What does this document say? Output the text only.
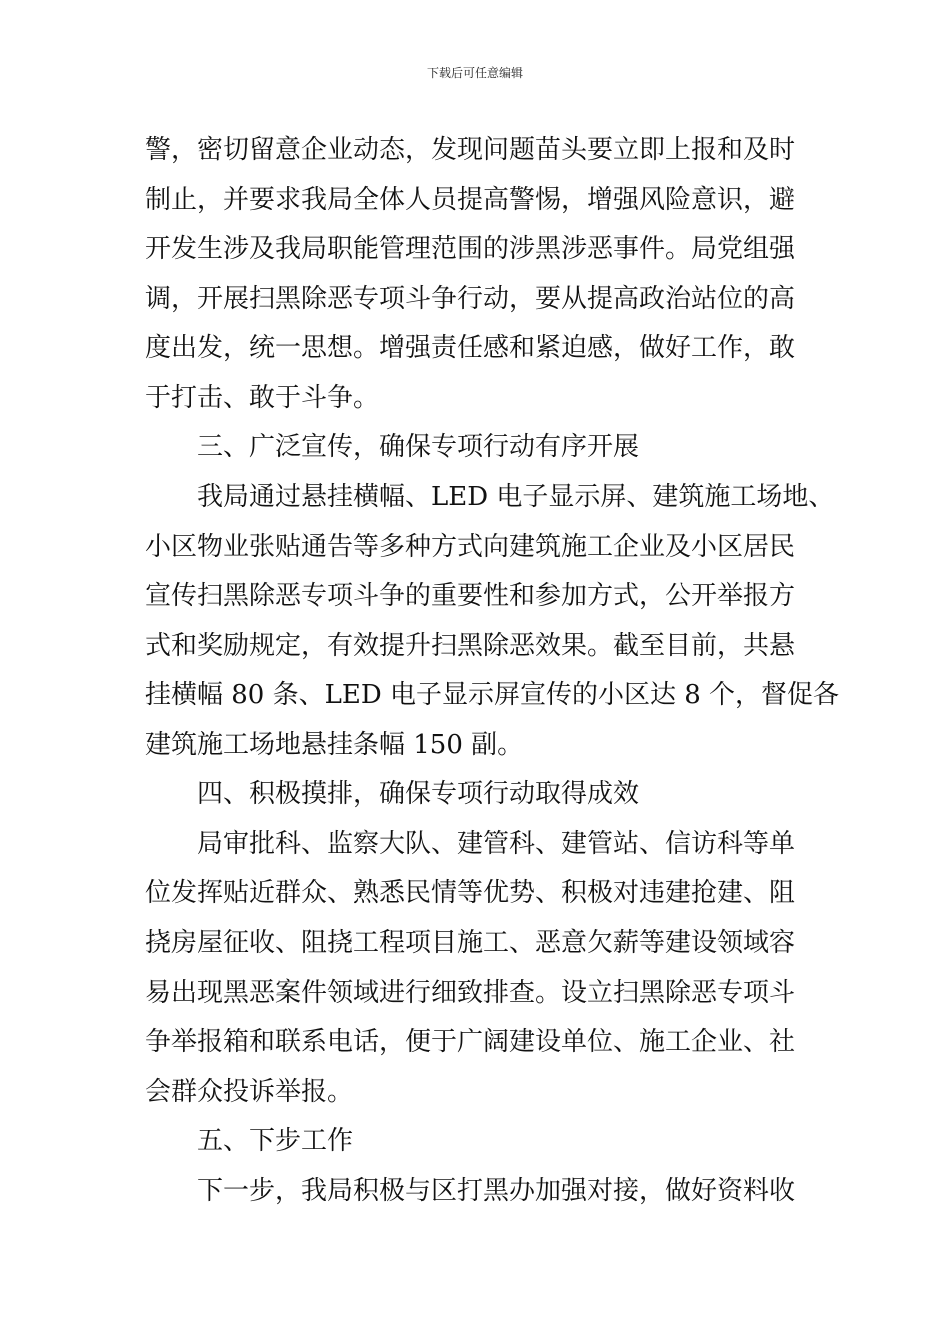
下载后可任意编辑
警，密切留意企业动态，发现问题苗头要立即上报和及时
制止，并要求我局全体人员提高警惕，增强风险意识，避
开发生涉及我局职能管理范围的涉黑涉恶事件。局党组强
调，开展扫黑除恶专项斗争行动，要从提高政治站位的高
度出发，统一思想。增强责任感和紧迫感，做好工作，敢
于打击、敢于斗争。
三、广泛宣传，确保专项行动有序开展
我局通过悬挂横幅、LED 电子显示屏、建筑施工场地、
小区物业张贴通告等多种方式向建筑施工企业及小区居民
宣传扫黑除恶专项斗争的重要性和参加方式，公开举报方
式和奖励规定，有效提升扫黑除恶效果。截至目前，共悬
挂横幅 80 条、LED 电子显示屏宣传的小区达 8 个，督促各
建筑施工场地悬挂条幅 150 副。
四、积极摸排，确保专项行动取得成效
局审批科、监察大队、建管科、建管站、信访科等单
位发挥贴近群众、熟悉民情等优势、积极对违建抢建、阻
挠房屋征收、阻挠工程项目施工、恶意欠薪等建设领域容
易出现黑恶案件领域进行细致排查。设立扫黑除恶专项斗
争举报箱和联系电话，便于广阔建设单位、施工企业、社
会群众投诉举报。
五、下步工作
下一步，我局积极与区打黑办加强对接，做好资料收
